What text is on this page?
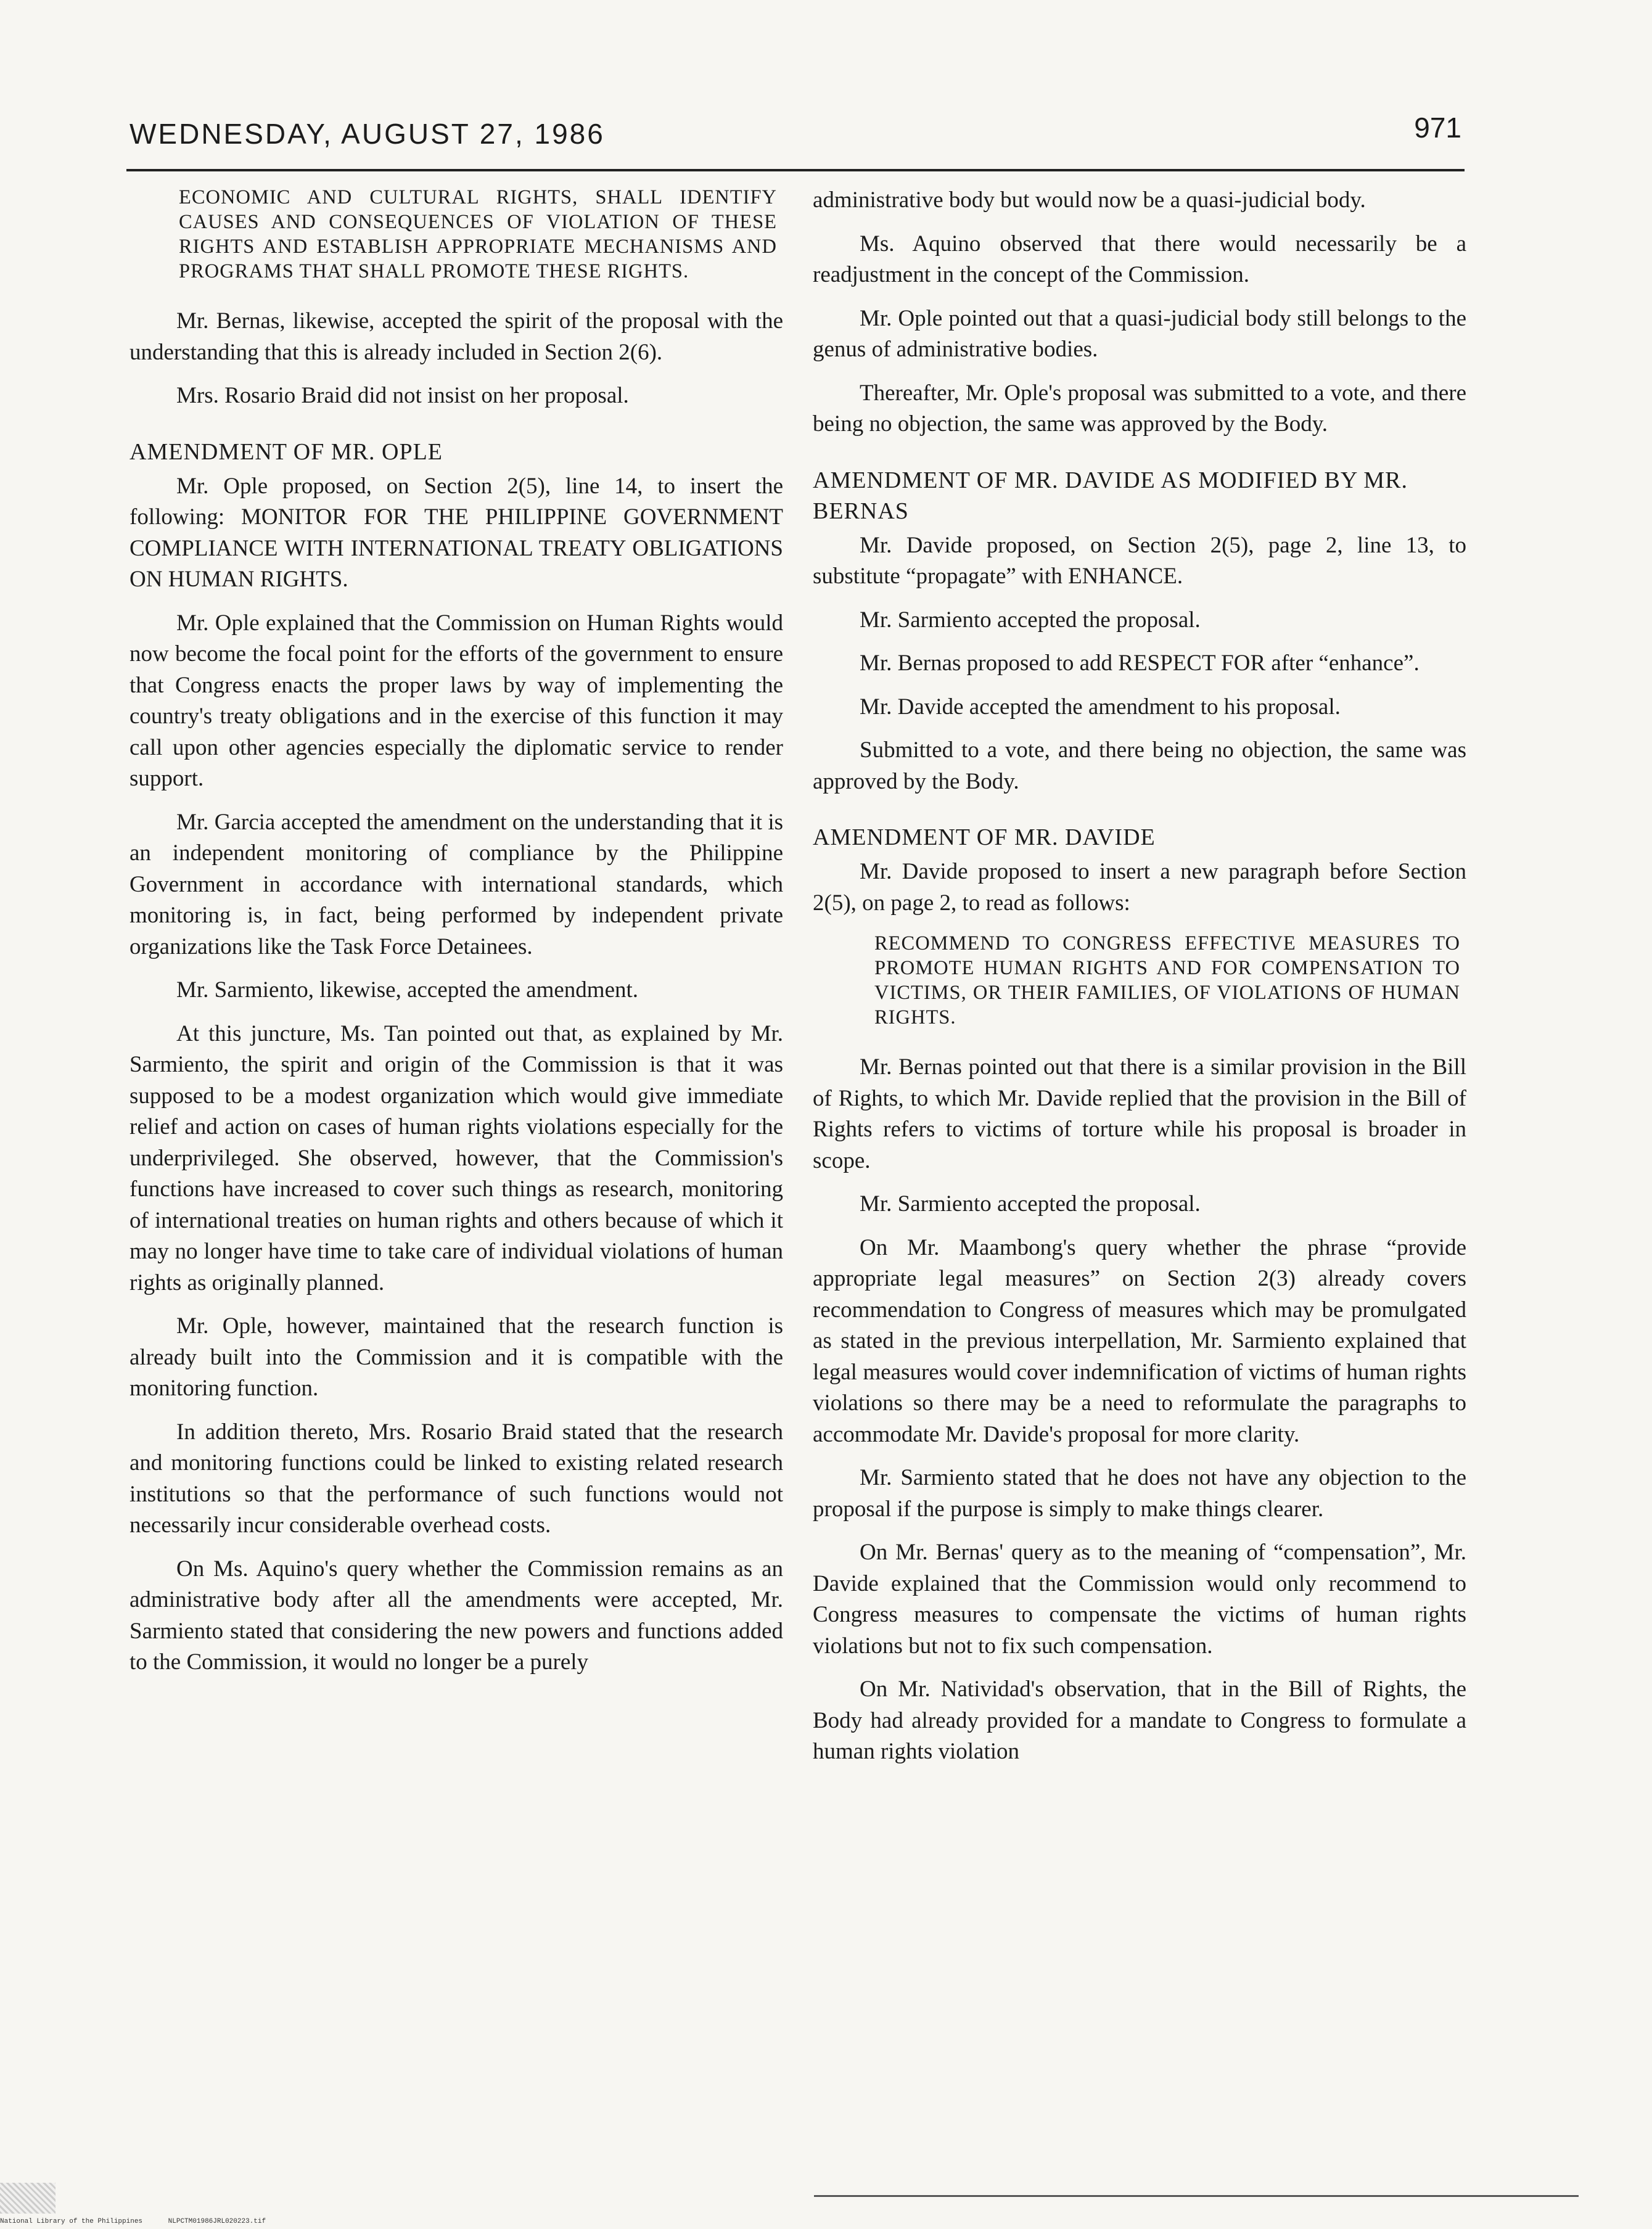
WEDNESDAY, AUGUST 27, 1986	971

ECONOMIC AND CULTURAL RIGHTS, SHALL IDENTIFY CAUSES AND CONSEQUENCES OF VIOLATION OF THESE RIGHTS AND ESTABLISH APPROPRIATE MECHANISMS AND PROGRAMS THAT SHALL PROMOTE THESE RIGHTS.

Mr. Bernas, likewise, accepted the spirit of the proposal with the understanding that this is already included in Section 2(6).

Mrs. Rosario Braid did not insist on her proposal.

AMENDMENT OF MR. OPLE

Mr. Ople proposed, on Section 2(5), line 14, to insert the following: MONITOR FOR THE PHILIPPINE GOVERNMENT COMPLIANCE WITH INTERNATIONAL TREATY OBLIGATIONS ON HUMAN RIGHTS.

Mr. Ople explained that the Commission on Human Rights would now become the focal point for the efforts of the government to ensure that Congress enacts the proper laws by way of implementing the country's treaty obligations and in the exercise of this function it may call upon other agencies especially the diplomatic service to render support.

Mr. Garcia accepted the amendment on the understanding that it is an independent monitoring of compliance by the Philippine Government in accordance with international standards, which monitoring is, in fact, being performed by independent private organizations like the Task Force Detainees.

Mr. Sarmiento, likewise, accepted the amendment.

At this juncture, Ms. Tan pointed out that, as explained by Mr. Sarmiento, the spirit and origin of the Commission is that it was supposed to be a modest organization which would give immediate relief and action on cases of human rights violations especially for the underprivileged. She observed, however, that the Commission's functions have increased to cover such things as research, monitoring of international treaties on human rights and others because of which it may no longer have time to take care of individual violations of human rights as originally planned.

Mr. Ople, however, maintained that the research function is already built into the Commission and it is compatible with the monitoring function.

In addition thereto, Mrs. Rosario Braid stated that the research and monitoring functions could be linked to existing related research institutions so that the performance of such functions would not necessarily incur considerable overhead costs.

On Ms. Aquino's query whether the Commission remains as an administrative body after all the amendments were accepted, Mr. Sarmiento stated that considering the new powers and functions added to the Commission, it would no longer be a purely

administrative body but would now be a quasi-judicial body.

Ms. Aquino observed that there would necessarily be a readjustment in the concept of the Commission.

Mr. Ople pointed out that a quasi-judicial body still belongs to the genus of administrative bodies.

Thereafter, Mr. Ople's proposal was submitted to a vote, and there being no objection, the same was approved by the Body.

AMENDMENT OF MR. DAVIDE AS MODIFIED BY MR. BERNAS

Mr. Davide proposed, on Section 2(5), page 2, line 13, to substitute “propagate” with ENHANCE.

Mr. Sarmiento accepted the proposal.

Mr. Bernas proposed to add RESPECT FOR after “enhance”.

Mr. Davide accepted the amendment to his proposal.

Submitted to a vote, and there being no objection, the same was approved by the Body.

AMENDMENT OF MR. DAVIDE

Mr. Davide proposed to insert a new paragraph before Section 2(5), on page 2, to read as follows:

RECOMMEND TO CONGRESS EFFECTIVE MEASURES TO PROMOTE HUMAN RIGHTS AND FOR COMPENSATION TO VICTIMS, OR THEIR FAMILIES, OF VIOLATIONS OF HUMAN RIGHTS.

Mr. Bernas pointed out that there is a similar provision in the Bill of Rights, to which Mr. Davide replied that the provision in the Bill of Rights refers to victims of torture while his proposal is broader in scope.

Mr. Sarmiento accepted the proposal.

On Mr. Maambong's query whether the phrase “provide appropriate legal measures” on Section 2(3) already covers recommendation to Congress of measures which may be promulgated as stated in the previous interpellation, Mr. Sarmiento explained that legal measures would cover indemnification of victims of human rights violations so there may be a need to reformulate the paragraphs to accommodate Mr. Davide's proposal for more clarity.

Mr. Sarmiento stated that he does not have any objection to the proposal if the purpose is simply to make things clearer.

On Mr. Bernas' query as to the meaning of “compensation”, Mr. Davide explained that the Commission would only recommend to Congress measures to compensate the victims of human rights violations but not to fix such compensation.

On Mr. Natividad's observation, that in the Bill of Rights, the Body had already provided for a mandate to Congress to formulate a human rights violation

National Library of the Philippines	NLPCTM01986JRL020223.tif
